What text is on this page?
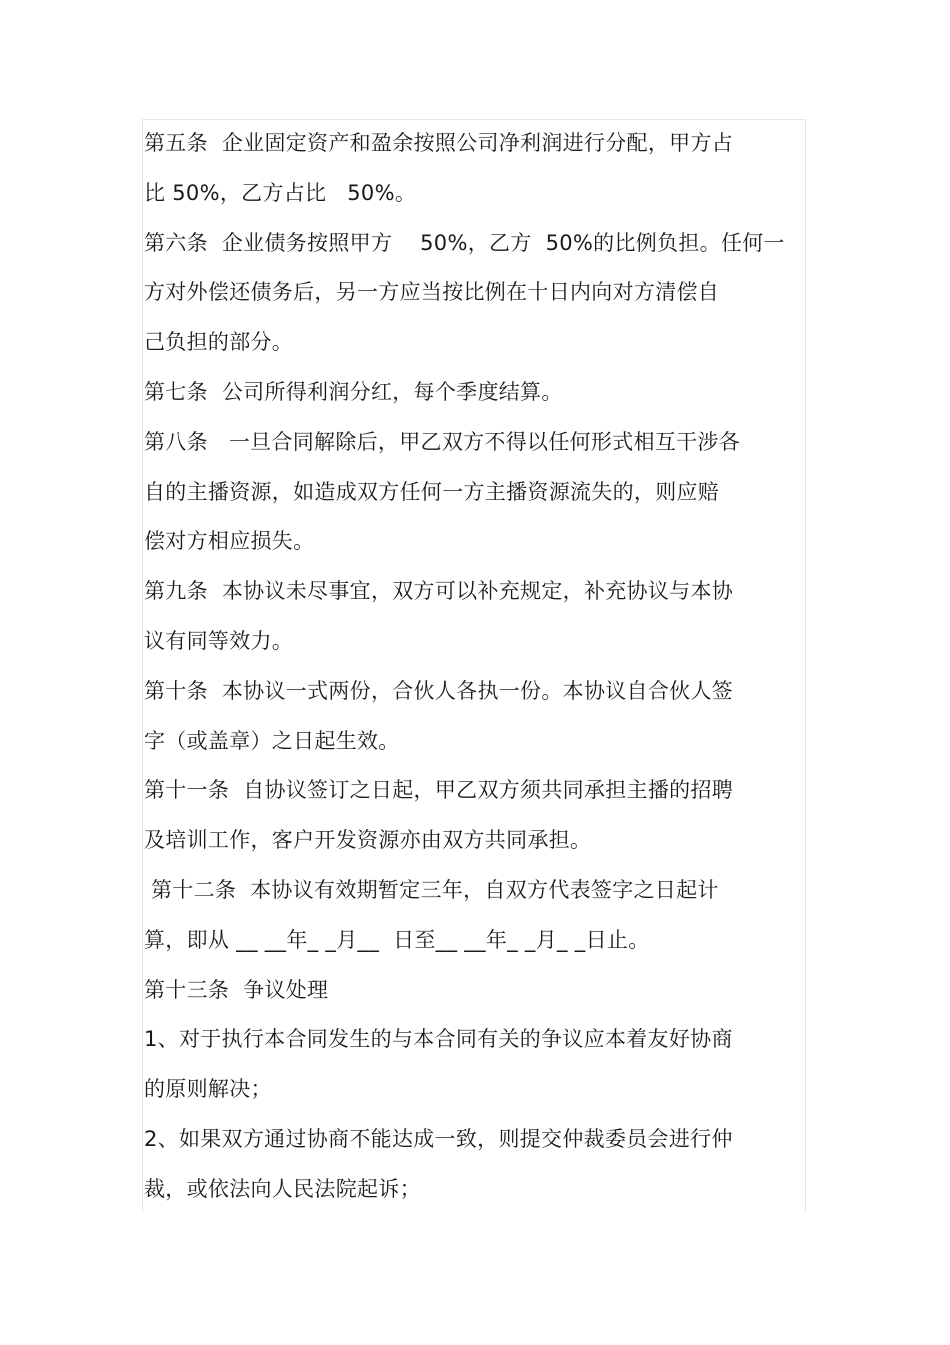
第五条  企业固定资产和盈余按照公司净利润进行分配，甲方占
比 50%，乙方占比   50%。
第六条  企业债务按照甲方    50%，乙方  50%的比例负担。任何一
方对外偿还债务后，另一方应当按比例在十日内向对方清偿自
己负担的部分。
第七条  公司所得利润分红，每个季度结算。
第八条   一旦合同解除后，甲乙双方不得以任何形式相互干涉各
自的主播资源，如造成双方任何一方主播资源流失的，则应赔
偿对方相应损失。
第九条  本协议未尽事宜，双方可以补充规定，补充协议与本协
议有同等效力。
第十条  本协议一式两份，合伙人各执一份。本协议自合伙人签
字（或盖章）之日起生效。
第十一条  自协议签订之日起，甲乙双方须共同承担主播的招聘
及培训工作，客户开发资源亦由双方共同承担。
第十二条  本协议有效期暂定三年，自双方代表签字之日起计
算，即从 __ __年_ _月__  日至__ __年_ _月_ _日止。
第十三条  争议处理
1、对于执行本合同发生的与本合同有关的争议应本着友好协商
的原则解决；
2、如果双方通过协商不能达成一致，则提交仲裁委员会进行仲
裁，或依法向人民法院起诉；
